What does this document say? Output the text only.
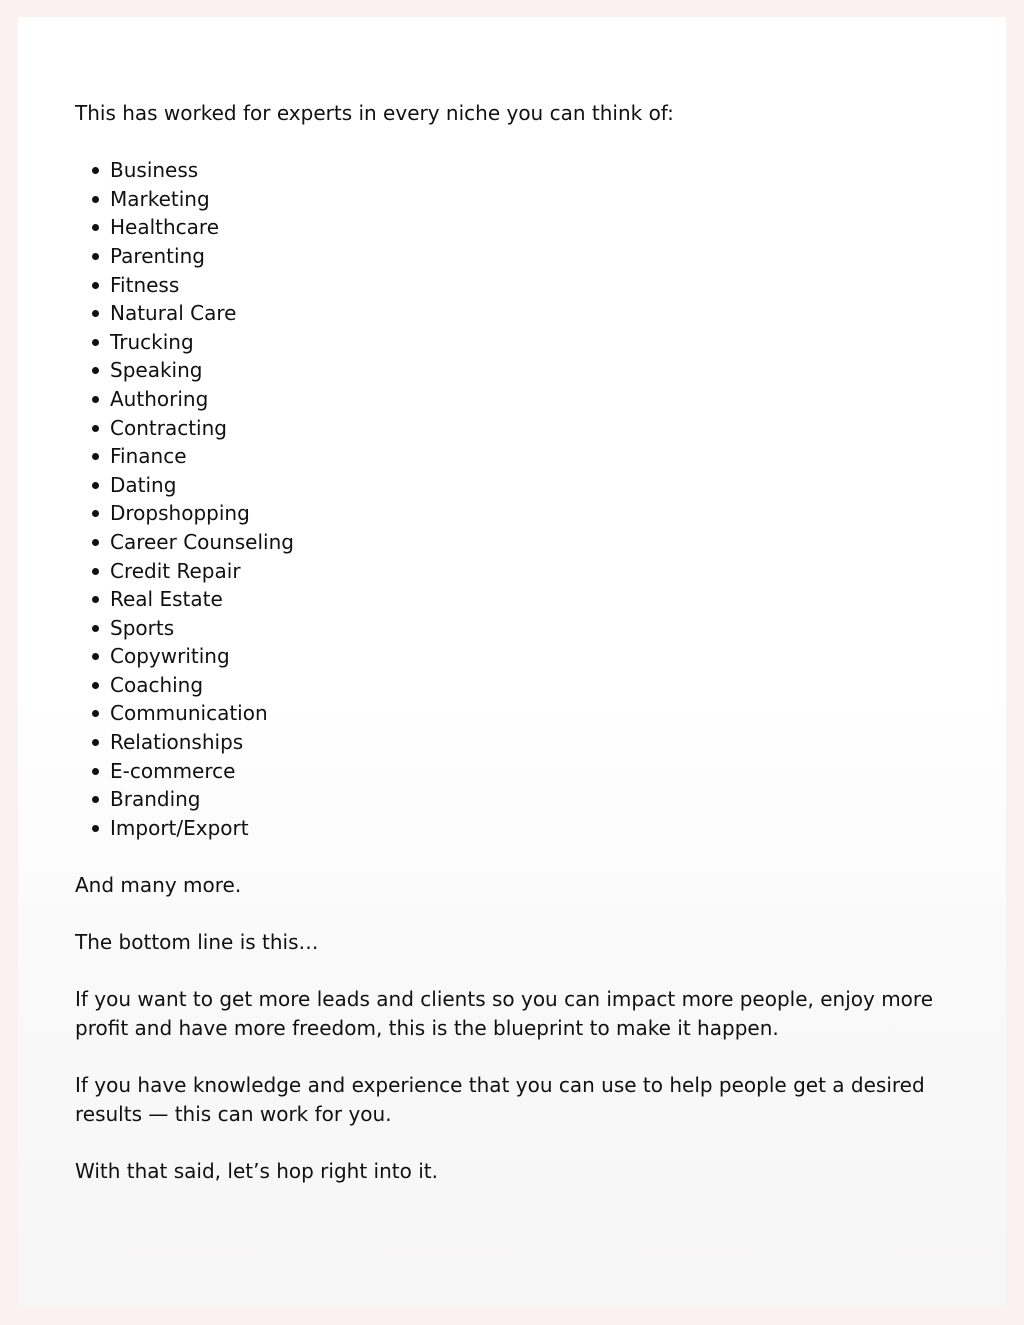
This has worked for experts in every niche you can think of:

Business
Marketing
Healthcare
Parenting
Fitness
Natural Care
Trucking
Speaking
Authoring
Contracting
Finance
Dating
Dropshopping
Career Counseling
Credit Repair
Real Estate
Sports
Copywriting
Coaching
Communication
Relationships
E-commerce
Branding
Import/Export

And many more.

The bottom line is this…

If you want to get more leads and clients so you can impact more people, enjoy more profit and have more freedom, this is the blueprint to make it happen.

If you have knowledge and experience that you can use to help people get a desired results — this can work for you.

With that said, let’s hop right into it.
